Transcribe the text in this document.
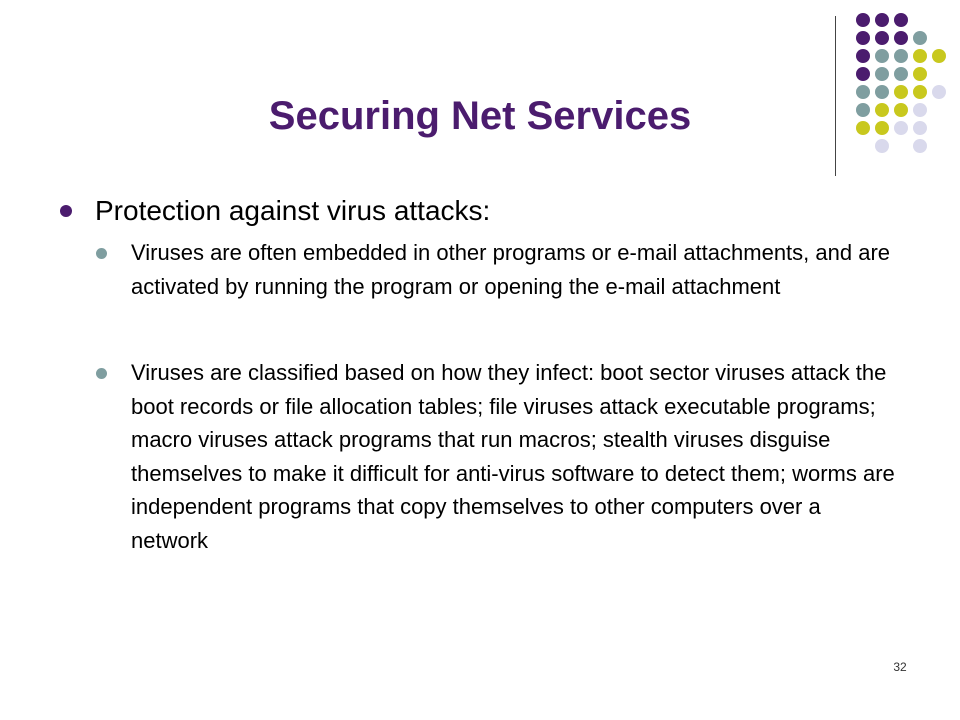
Securing Net Services
Protection against virus attacks:
Viruses are often embedded in other programs or e-mail attachments, and are activated by running the program or opening the e-mail attachment
Viruses are classified based on how they infect: boot sector viruses attack the boot records or file allocation tables; file viruses attack executable programs; macro viruses attack programs that run macros; stealth viruses disguise themselves to make it difficult for anti-virus software to detect them; worms are independent programs that copy themselves to other computers over a network
32
